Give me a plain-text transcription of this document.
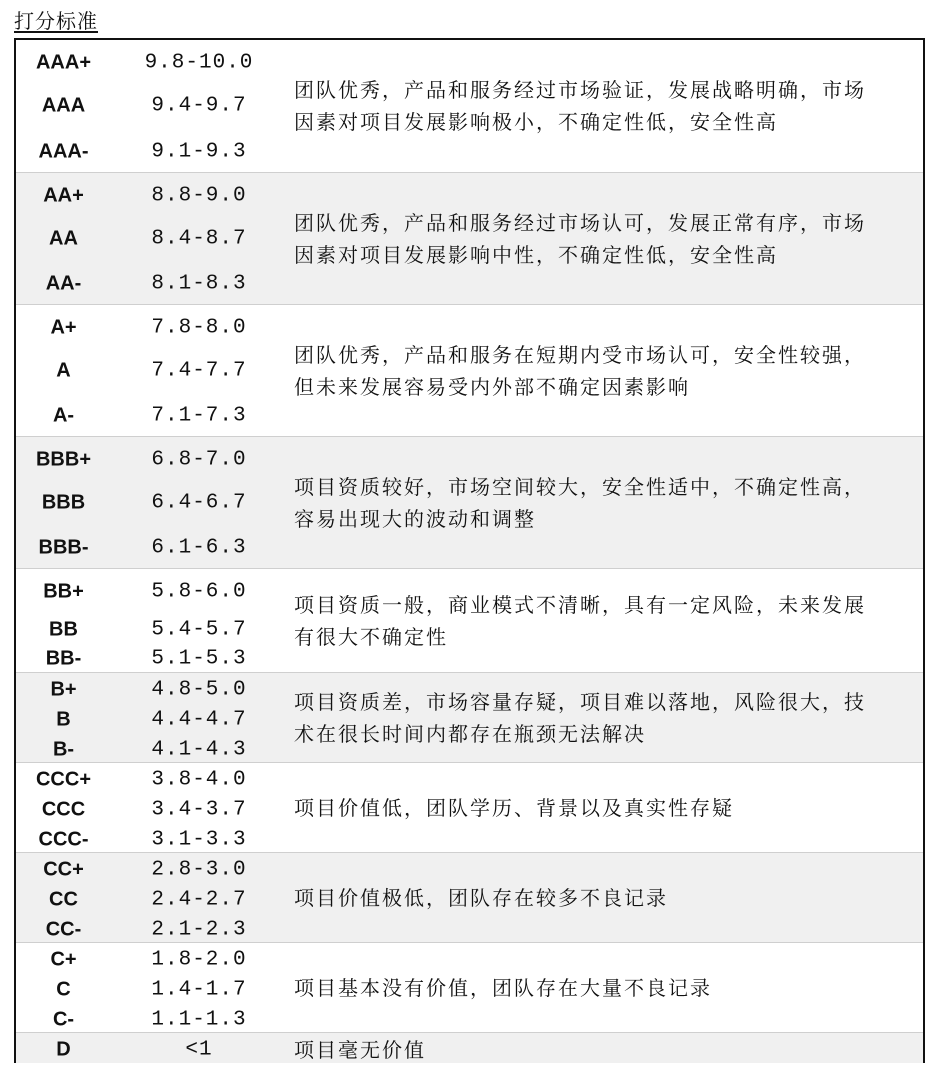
打分标准
AAA+	9.8-10.0
AAA	9.4-9.7
AAA-	9.1-9.3
团队优秀，产品和服务经过市场验证，发展战略明确，市场
因素对项目发展影响极小，不确定性低，安全性高
AA+	8.8-9.0
AA	8.4-8.7
AA-	8.1-8.3
团队优秀，产品和服务经过市场认可，发展正常有序，市场
因素对项目发展影响中性，不确定性低，安全性高
A+	7.8-8.0
A	7.4-7.7
A-	7.1-7.3
团队优秀，产品和服务在短期内受市场认可，安全性较强，
但未来发展容易受内外部不确定因素影响
BBB+	6.8-7.0
BBB	6.4-6.7
BBB-	6.1-6.3
项目资质较好，市场空间较大，安全性适中，不确定性高，
容易出现大的波动和调整
BB+	5.8-6.0
BB	5.4-5.7
BB-	5.1-5.3
项目资质一般，商业模式不清晰，具有一定风险，未来发展
有很大不确定性
B+	4.8-5.0
B	4.4-4.7
B-	4.1-4.3
项目资质差，市场容量存疑，项目难以落地，风险很大，技
术在很长时间内都存在瓶颈无法解决
CCC+	3.8-4.0
CCC	3.4-3.7
CCC-	3.1-3.3
项目价值低，团队学历、背景以及真实性存疑
CC+	2.8-3.0
CC	2.4-2.7
CC-	2.1-2.3
项目价值极低，团队存在较多不良记录
C+	1.8-2.0
C	1.4-1.7
C-	1.1-1.3
项目基本没有价值，团队存在大量不良记录
D	<1	项目毫无价值
